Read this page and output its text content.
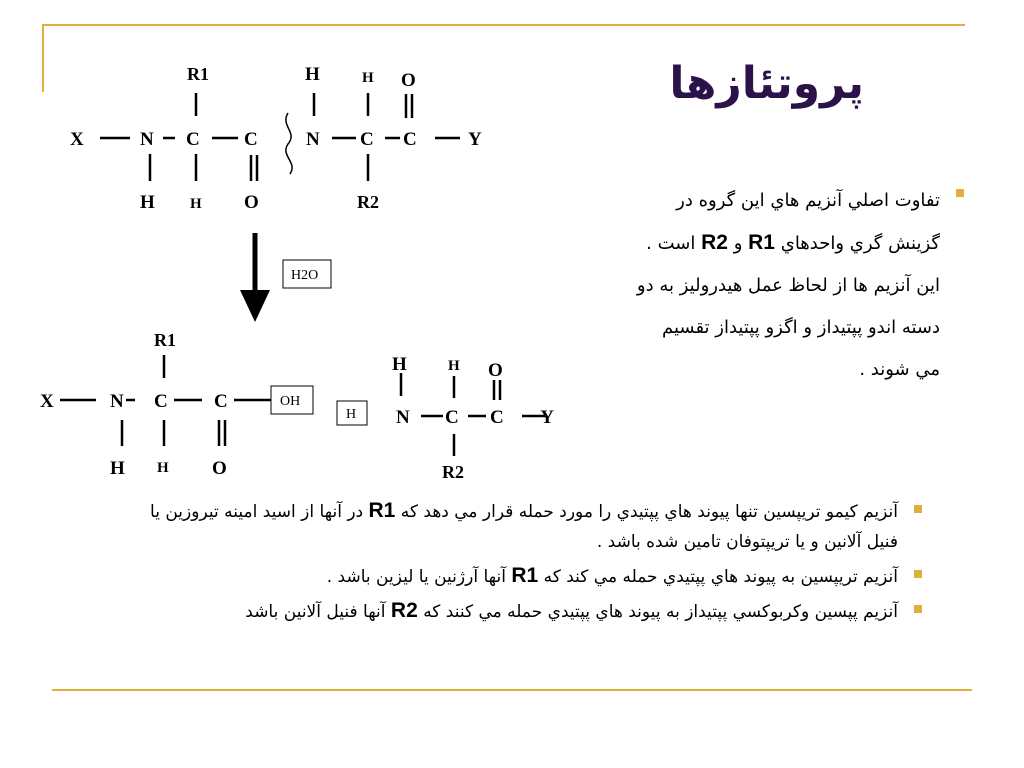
پروتئازها
X	N C C	N C C	Y
R1
H H O
H	H O
R2
H2O
X	N C C
R1
H H O
OH
H
H
N
H
C
O
C Y
R2
تفاوت اصلي آنزيم هاي اين گروه در
گزينش گري واحدهاي R1 و R2 است .
اين آنزيم ها از لحاظ عمل هيدروليز به دو
دسته اندو پپتيداز و اگزو پپتيداز تقسيم
مي شوند .
آنزيم كيمو تريپسين تنها پيوند هاي پپتيدي را مورد حمله قرار مي دهد كه R1 در آنها از اسيد امينه تيروزين يا فنيل آلانين و يا تريپتوفان تامين شده باشد .
آنزيم تريپسين به پيوند هاي پپتيدي حمله مي كند كه R1 آنها آرژنين يا ليزين باشد .
آنزيم پپسين وكربوكسي پپتيداز به پيوند هاي پپتيدي حمله مي كنند كه R2 آنها فنيل آلانين باشد
